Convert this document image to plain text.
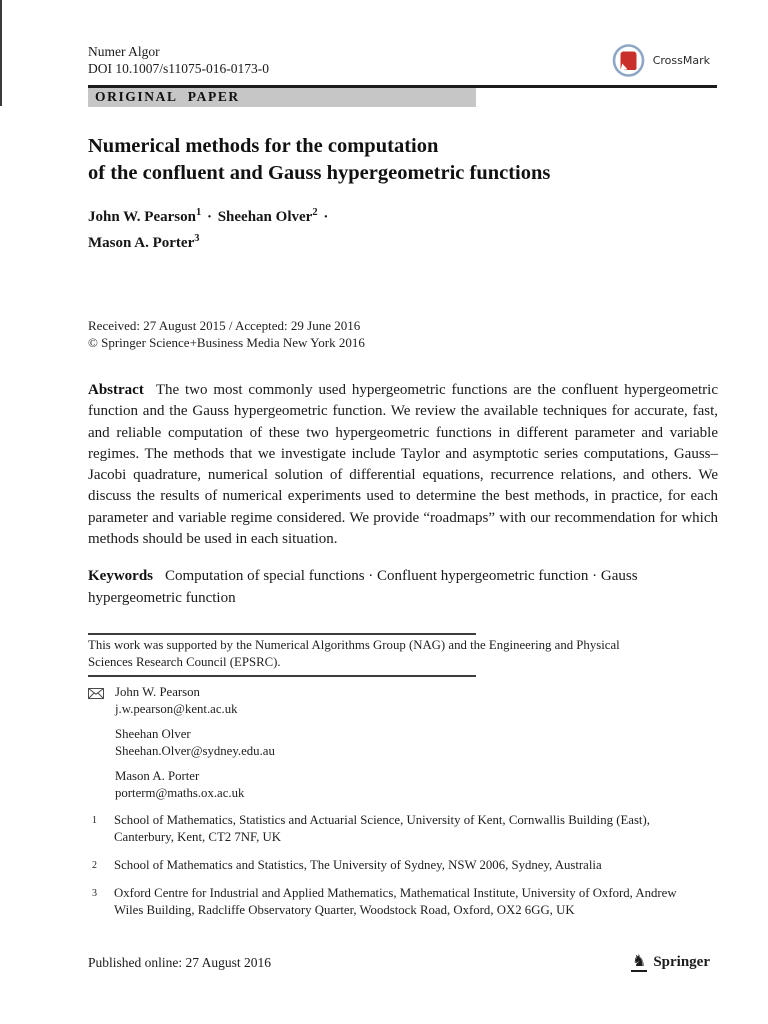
Numer Algor
DOI 10.1007/s11075-016-0173-0
CrossMark
ORIGINAL PAPER
Numerical methods for the computation
of the confluent and Gauss hypergeometric functions
John W. Pearson$^1$ · Sheehan Olver$^2$ ·
Mason A. Porter$^3$
Received: 27 August 2015 / Accepted: 29 June 2016
© Springer Science+Business Media New York 2016

Abstract The two most commonly used hypergeometric functions are the confluent hypergeometric function and the Gauss hypergeometric function. We review the available techniques for accurate, fast, and reliable computation of these two hypergeometric functions in different parameter and variable regimes. The methods that we investigate include Taylor and asymptotic series computations, Gauss–Jacobi quadrature, numerical solution of differential equations, recurrence relations, and others. We discuss the results of numerical experiments used to determine the best methods, in practice, for each parameter and variable regime considered. We provide “roadmaps” with our recommendation for which methods should be used in each situation.

Keywords Computation of special functions · Confluent hypergeometric function · Gauss hypergeometric function

This work was supported by the Numerical Algorithms Group (NAG) and the Engineering and Physical Sciences Research Council (EPSRC).

John W. Pearson
j.w.pearson@kent.ac.uk
Sheehan Olver
Sheehan.Olver@sydney.edu.au
Mason A. Porter
porterm@maths.ox.ac.uk
1	School of Mathematics, Statistics and Actuarial Science, University of Kent, Cornwallis Building (East), Canterbury, Kent, CT2 7NF, UK
2	School of Mathematics and Statistics, The University of Sydney, NSW 2006, Sydney, Australia
3	Oxford Centre for Industrial and Applied Mathematics, Mathematical Institute, University of Oxford, Andrew Wiles Building, Radcliffe Observatory Quarter, Woodstock Road, Oxford, OX2 6GG, UK
Published online: 27 August 2016	♞ Springer
